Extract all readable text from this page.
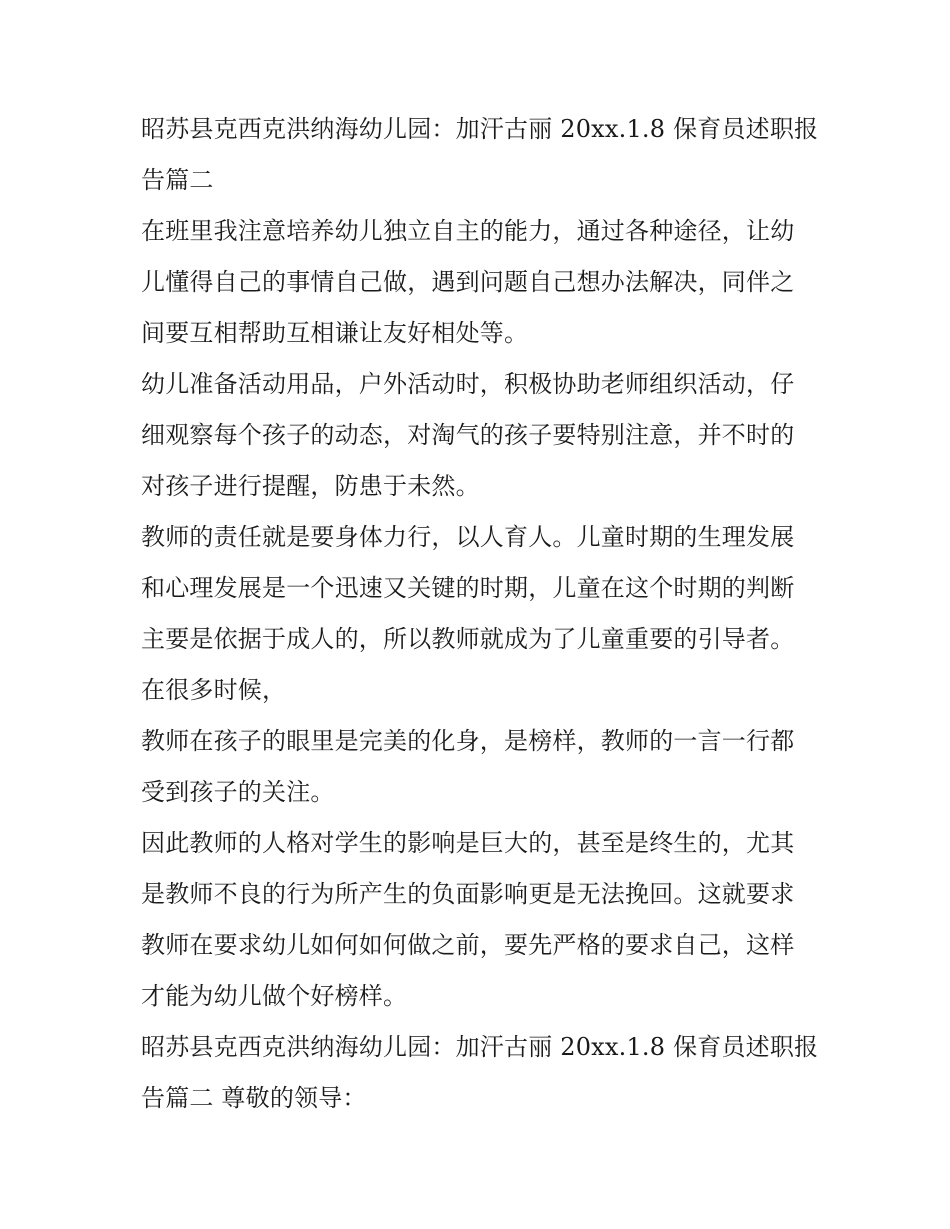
昭苏县克西克洪纳海幼儿园：加汗古丽 20xx.1.8 保育员述职报
告篇二

在班里我注意培养幼儿独立自主的能力，通过各种途径，让幼
儿懂得自己的事情自己做，遇到问题自己想办法解决，同伴之
间要互相帮助互相谦让友好相处等。

幼儿准备活动用品，户外活动时，积极协助老师组织活动，仔
细观察每个孩子的动态，对淘气的孩子要特别注意，并不时的
对孩子进行提醒，防患于未然。

教师的责任就是要身体力行，以人育人。儿童时期的生理发展
和心理发展是一个迅速又关键的时期，儿童在这个时期的判断
主要是依据于成人的，所以教师就成为了儿童重要的引导者。

在很多时候，

教师在孩子的眼里是完美的化身，是榜样，教师的一言一行都
受到孩子的关注。

因此教师的人格对学生的影响是巨大的，甚至是终生的，尤其
是教师不良的行为所产生的负面影响更是无法挽回。这就要求
教师在要求幼儿如何如何做之前，要先严格的要求自己，这样
才能为幼儿做个好榜样。

昭苏县克西克洪纳海幼儿园：加汗古丽 20xx.1.8 保育员述职报
告篇二 尊敬的领导：
